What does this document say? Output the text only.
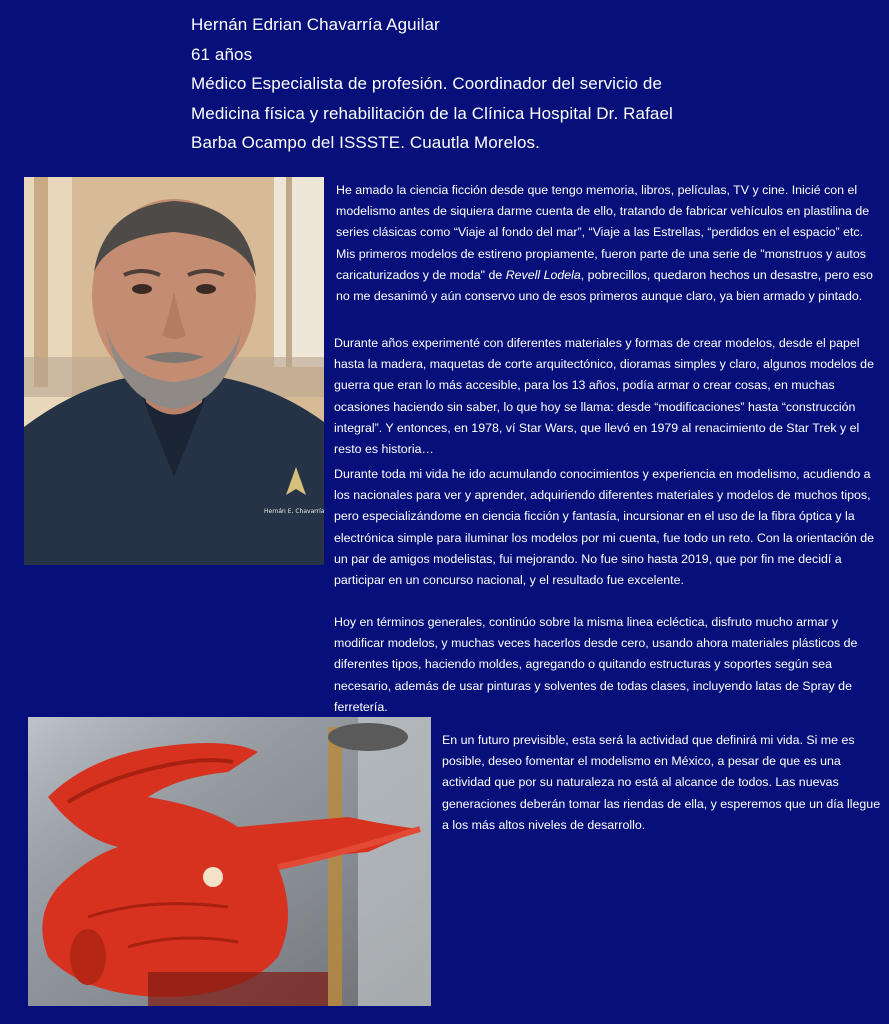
Hernán Edrian Chavarría Aguilar
61 años
Médico Especialista de profesión. Coordinador del servicio de
Medicina física y rehabilitación de la Clínica Hospital Dr. Rafael
Barba Ocampo del ISSSTE. Cuautla Morelos.
Hernán E. Chavarría

He amado la ciencia ficción desde que tengo memoria, libros, películas, TV y cine. Inicié con el modelismo antes de siquiera darme cuenta de ello, tratando de fabricar vehículos en plastilina de series clásicas como “Viaje al fondo del mar”, “Viaje a las Estrellas, “perdidos en el espacio” etc. Mis primeros modelos de estireno propiamente, fueron parte de una serie de "monstruos y autos caricaturizados y de moda" de Revell Lodela, pobrecillos, quedaron hechos un desastre, pero eso no me desanimó y aún conservo uno de esos primeros aunque claro, ya bien armado y pintado.

Durante años experimenté con diferentes materiales y formas de crear modelos, desde el papel hasta la madera, maquetas de corte arquitectónico, dioramas simples y claro, algunos modelos de guerra que eran lo más accesible, para los 13 años, podía armar o crear cosas, en muchas ocasiones haciendo sin saber, lo que hoy se llama: desde “modificaciones” hasta “construcción integral”. Y entonces, en 1978, ví Star Wars, que llevó en 1979 al renacimiento de Star Trek y el resto es historia…

Durante toda mi vida he ido acumulando conocimientos y experiencia en modelismo, acudiendo a los nacionales para ver y aprender, adquiriendo diferentes materiales y modelos de muchos tipos, pero especializándome en ciencia ficción y fantasía, incursionar en el uso de la fibra óptica y la electrónica simple para iluminar los modelos por mi cuenta, fue todo un reto. Con la orientación de un par de amigos modelistas, fui mejorando. No fue sino hasta 2019, que por fin me decidí a participar en un concurso nacional, y el resultado fue excelente.

Hoy en términos generales, continúo sobre la misma linea ecléctica, disfruto mucho armar y modificar modelos, y muchas veces hacerlos desde cero, usando ahora materiales plásticos de diferentes tipos, haciendo moldes, agregando o quitando estructuras y soportes según sea necesario, además de usar pinturas y solventes de todas clases, incluyendo latas de Spray de ferretería.

En un futuro previsible, esta será la actividad que definirá mi vida. Si me es posible, deseo fomentar el modelismo en México, a pesar de que es una actividad que por su naturaleza no está al alcance de todos. Las nuevas generaciones deberán tomar las riendas de ella, y esperemos que un día llegue a los más altos niveles de desarrollo.
